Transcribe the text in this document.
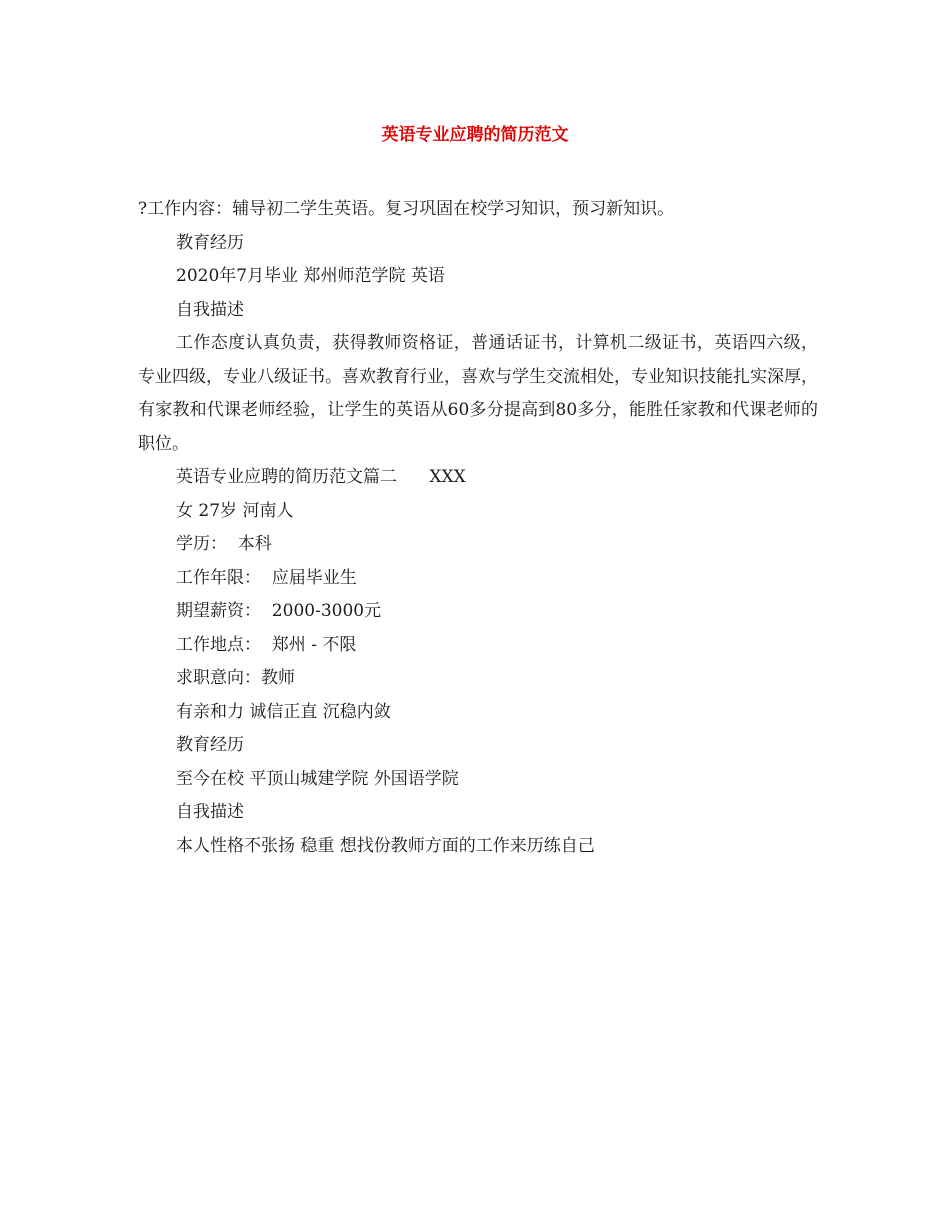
英语专业应聘的简历范文
?工作内容：辅导初二学生英语。复习巩固在校学习知识，预习新知识。
教育经历
2020年7月毕业 郑州师范学院 英语
自我描述
工作态度认真负责，获得教师资格证，普通话证书，计算机二级证书，英语四六级，专业四级，专业八级证书。喜欢教育行业，喜欢与学生交流相处，专业知识技能扎实深厚，有家教和代课老师经验，让学生的英语从60多分提高到80多分，能胜任家教和代课老师的职位。
英语专业应聘的简历范文篇二      XXX
女 27岁 河南人
学历：  本科
工作年限：  应届毕业生
期望薪资：  2000-3000元
工作地点：  郑州 - 不限
求职意向：教师
有亲和力 诚信正直 沉稳内敛
教育经历
至今在校 平顶山城建学院 外国语学院
自我描述
本人性格不张扬 稳重 想找份教师方面的工作来历练自己
